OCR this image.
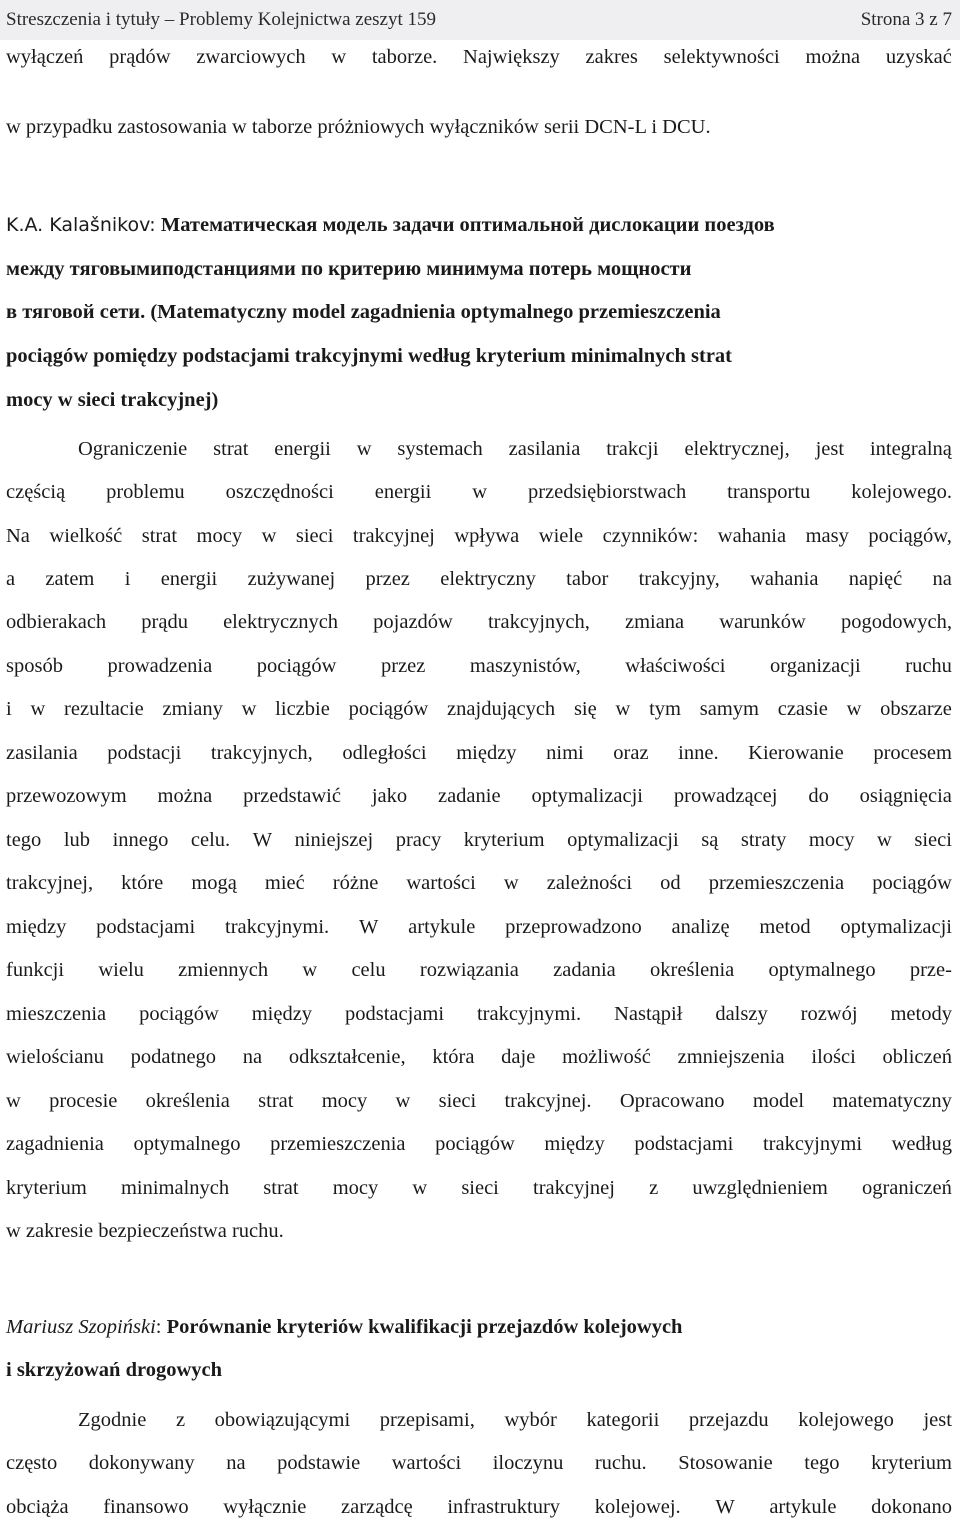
Streszczenia i tytuły – Problemy Kolejnictwa zeszyt 159	Strona 3 z 7
wyłączeń prądów zwarciowych w taborze. Największy zakres selektywności można uzyskać
w przypadku zastosowania w taborze próżniowych wyłączników serii DCN-L i DCU.
K.A. Kalašnikov:
Математическая модель задачи оптимальной дислокации поездов
между тяговымиподстанциями по критерию минимума потерь мощности
в тяговой сети.
(Matematyczny model zagadnienia optymalnego przemieszczenia
pociągów pomiędzy podstacjami trakcyjnymi według kryterium minimalnych strat
mocy w sieci trakcyjnej)
Ograniczenie strat energii w systemach zasilania trakcji elektrycznej, jest integralną
częścią problemu oszczędności energii w przedsiębiorstwach transportu kolejowego.
Na wielkość strat mocy w sieci trakcyjnej wpływa wiele czynników: wahania masy pociągów,
a zatem i energii zużywanej przez elektryczny tabor trakcyjny, wahania napięć na
odbierakach prądu elektrycznych pojazdów trakcyjnych, zmiana warunków pogodowych,
sposób prowadzenia pociągów przez maszynistów, właściwości organizacji ruchu
i w rezultacie zmiany w liczbie pociągów znajdujących się w tym samym czasie w obszarze
zasilania podstacji trakcyjnych, odległości między nimi oraz inne. Kierowanie procesem
przewozowym można przedstawić jako zadanie optymalizacji prowadzącej do osiągnięcia
tego lub innego celu. W niniejszej pracy kryterium optymalizacji są straty mocy w sieci
trakcyjnej, które mogą mieć różne wartości w zależności od przemieszczenia pociągów
między podstacjami trakcyjnymi. W artykule przeprowadzono analizę metod optymalizacji
funkcji wielu zmiennych w celu rozwiązania zadania określenia optymalnego prze-
mieszczenia pociągów między podstacjami trakcyjnymi. Nastąpił dalszy rozwój metody
wielościanu podatnego na odkształcenie, która daje możliwość zmniejszenia ilości obliczeń
w procesie określenia strat mocy w sieci trakcyjnej. Opracowano model matematyczny
zagadnienia optymalnego przemieszczenia pociągów między podstacjami trakcyjnymi według
kryterium minimalnych strat mocy w sieci trakcyjnej z uwzględnieniem ograniczeń
w zakresie bezpieczeństwa ruchu.
Mariusz Szopiński : Porównanie kryteriów kwalifikacji przejazdów kolejowych
i skrzyżowań drogowych
Zgodnie z obowiązującymi przepisami, wybór kategorii przejazdu kolejowego jest
często dokonywany na podstawie wartości iloczynu ruchu. Stosowanie tego kryterium
obciąża finansowo wyłącznie zarządcę infrastruktury kolejowej. W artykule dokonano
